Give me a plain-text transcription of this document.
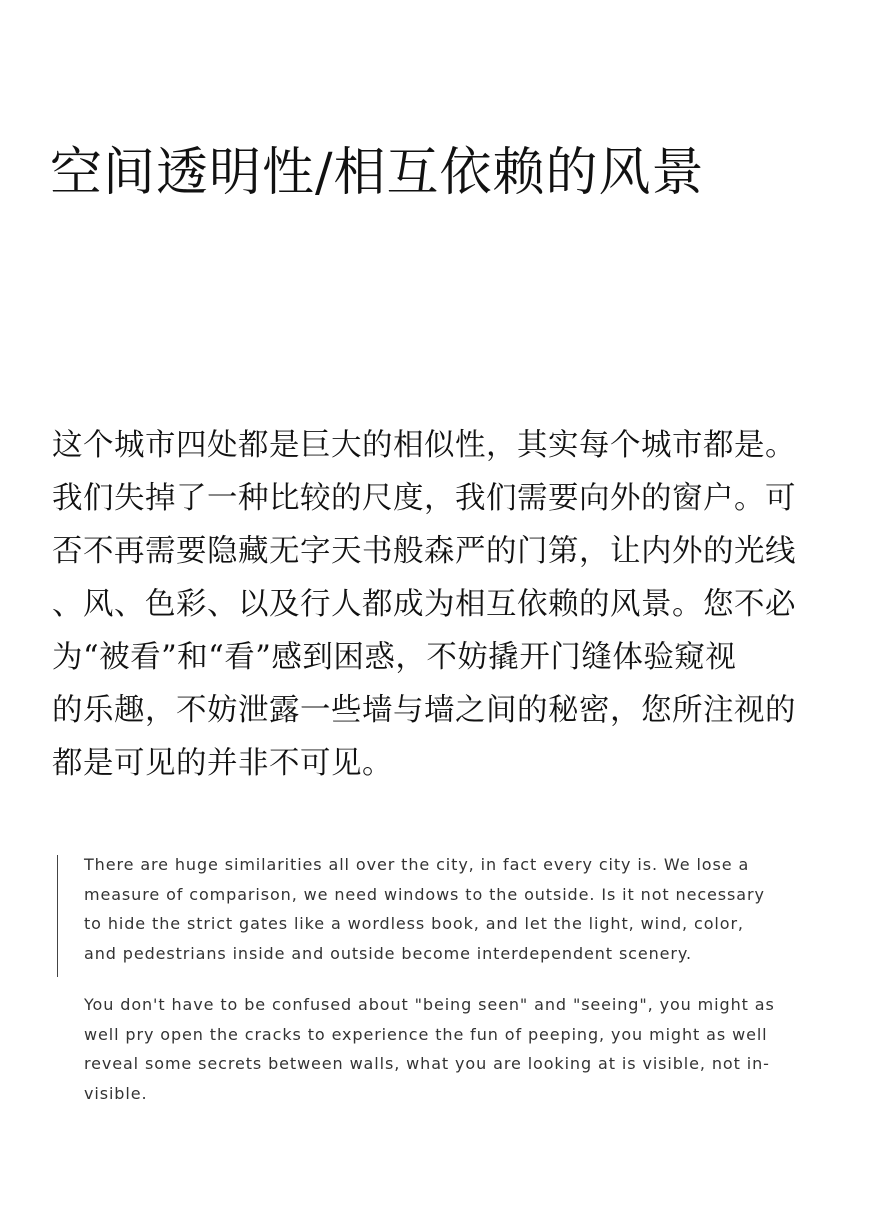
空间透明性/相互依赖的风景
这个城市四处都是巨大的相似性，其实每个城市都是。
我们失掉了一种比较的尺度，我们需要向外的窗户。可
否不再需要隐藏无字天书般森严的门第，让内外的光线
、风、色彩、以及行人都成为相互依赖的风景。您不必
为“被看”和“看”感到困惑，不妨撬开门缝体验窥视
的乐趣，不妨泄露一些墙与墙之间的秘密，您所注视的
都是可见的并非不可见。
There are huge similarities all over the city, in fact every city is. We lose a
measure of comparison, we need windows to the outside. Is it not necessary
to hide the strict gates like a wordless book, and let the light, wind, color,
and pedestrians inside and outside become interdependent scenery.
You don't have to be confused about "being seen" and "seeing", you might as
well pry open the cracks to experience the fun of peeping, you might as well
reveal some secrets between walls, what you are looking at is visible, not in-
visible.
